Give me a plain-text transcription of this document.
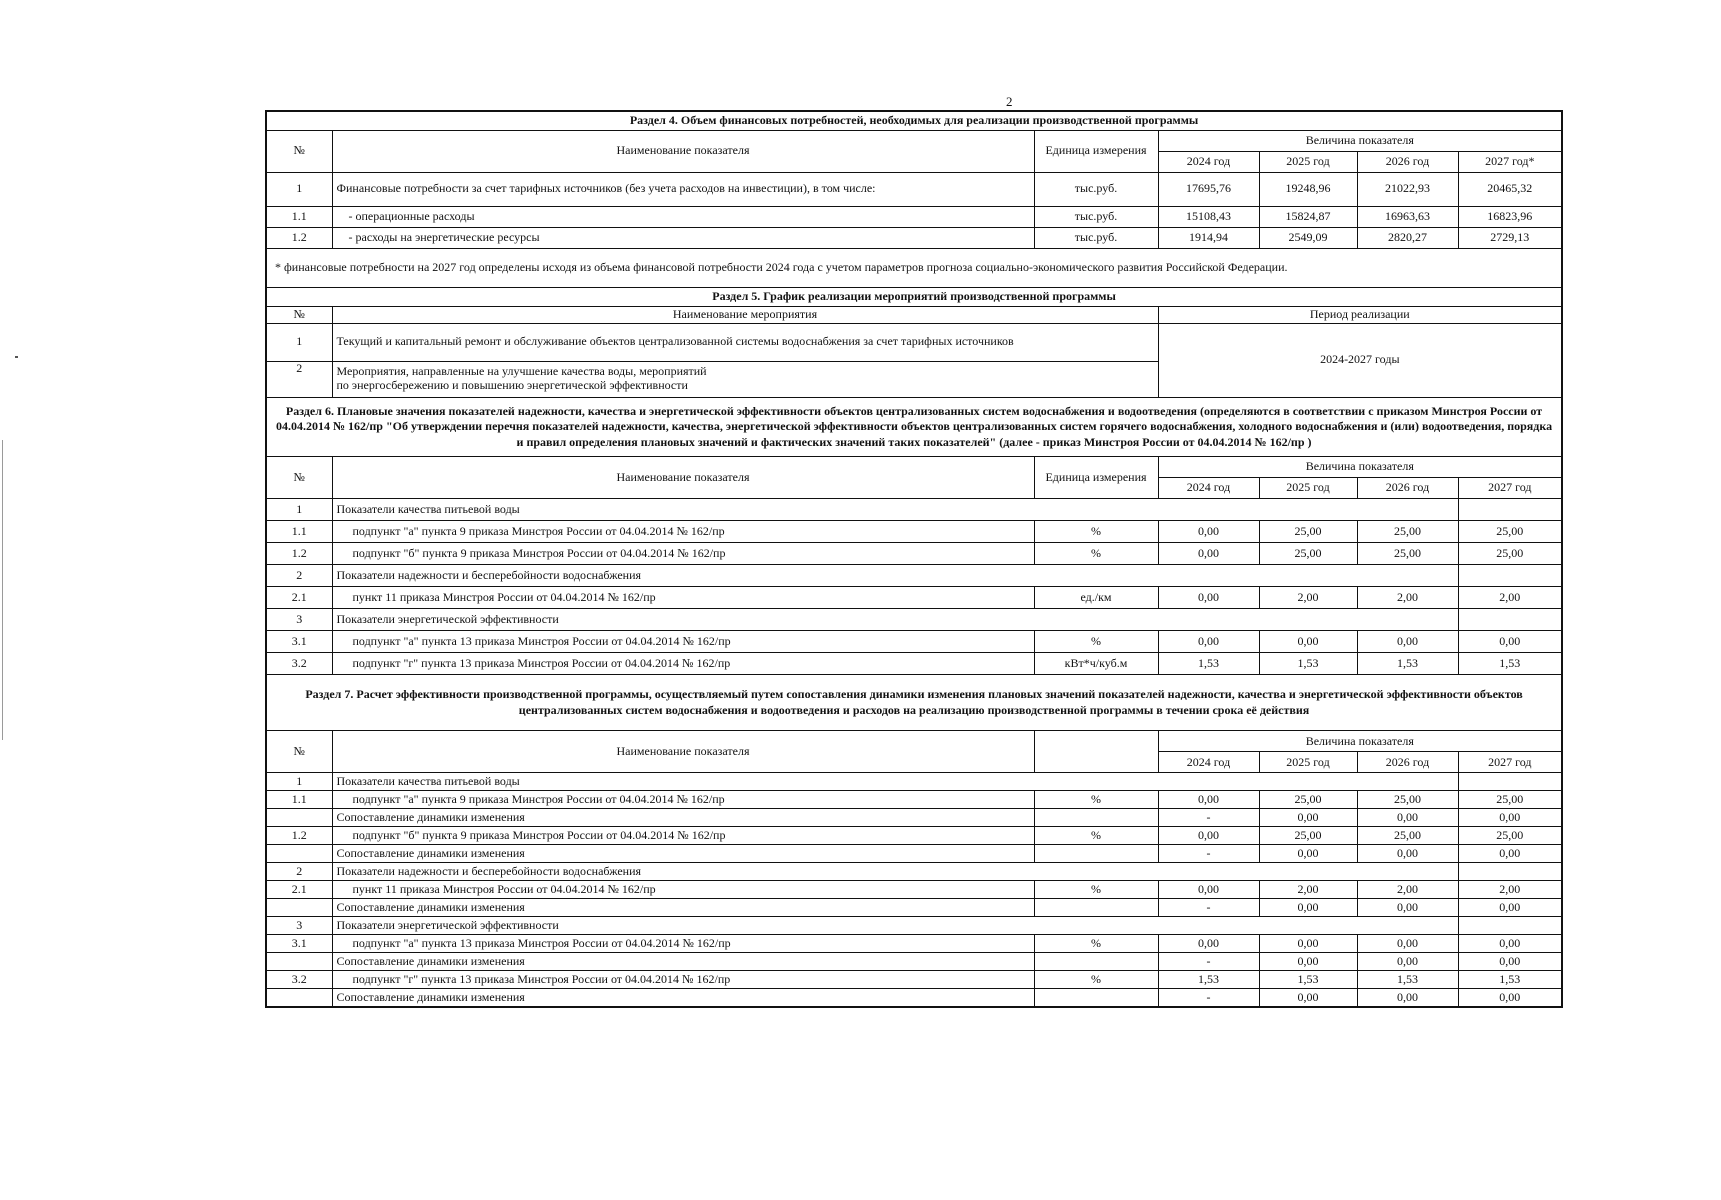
2
Раздел 4. Объем финансовых потребностей, необходимых для реализации производственной программы						
№	Наименование показателя	Единица измерения	Величина показателя			
			2024 год	2025 год	2026 год	2027 год*
1	Финансовые потребности за счет тарифных источников (без учета расходов на инвестиции), в том числе:	тыс.руб.	17695,76	19248,96	21022,93	20465,32
1.1	- операционные расходы	тыс.руб.	15108,43	15824,87	16963,63	16823,96
1.2	- расходы на энергетические ресурсы	тыс.руб.	1914,94	2549,09	2820,27	2729,13
* финансовые потребности на 2027 год определены исходя из объема финансовой потребности 2024 года с учетом параметров прогноза социально-экономического развития Российской Федерации.						
Раздел 5. График реализации мероприятий производственной программы						
№	Наименование мероприятия		Период реализации			
1	Текущий и капитальный ремонт и обслуживание объектов централизованной системы водоснабжения за счет тарифных источников		2024-2027 годы			
2	Мероприятия, направленные на улучшение качества воды, мероприятий
по энергосбережению и повышению энергетической эффективности					

Раздел 6. Плановые значения показателей надежности, качества и энергетической эффективности объектов централизованных систем водоснабжения и водоотведения (определяются в соответствии с приказом Минстроя России от 04.04.2014 № 162/пр "Об утверждении перечня показателей надежности, качества, энергетической эффективности объектов централизованных систем горячего водоснабжения, холодного водоснабжения и (или) водоотведения, порядка и правил определения плановых значений и фактических значений таких показателей" (далее - приказ Минстроя России от 04.04.2014 № 162/пр )						
№	Наименование показателя	Единица измерения	Величина показателя			
			2024 год	2025 год	2026 год	2027 год
1	Показатели качества питьевой воды					
1.1	подпункт "а" пункта 9 приказа Минстроя России от 04.04.2014 № 162/пр	%	0,00	25,00	25,00	25,00
1.2	подпункт "б" пункта 9 приказа Минстроя России от 04.04.2014 № 162/пр	%	0,00	25,00	25,00	25,00
2	Показатели надежности и бесперебойности водоснабжения					
2.1	пункт 11 приказа Минстроя России от 04.04.2014 № 162/пр	ед./км	0,00	2,00	2,00	2,00
3	Показатели энергетической эффективности					
3.1	подпункт "а" пункта 13 приказа Минстроя России от 04.04.2014 № 162/пр	%	0,00	0,00	0,00	0,00
3.2	подпункт "г" пункта 13 приказа Минстроя России от 04.04.2014 № 162/пр	кВт*ч/куб.м	1,53	1,53	1,53	1,53
Раздел 7. Расчет эффективности производственной программы, осуществляемый путем сопоставления динамики изменения плановых значений показателей надежности, качества и энергетической эффективности объектов централизованных систем водоснабжения и водоотведения и расходов на реализацию производственной программы в течении срока её действия						
№	Наименование показателя		Величина показателя			
			2024 год	2025 год	2026 год	2027 год
1	Показатели качества питьевой воды					
1.1	подпункт "а" пункта 9 приказа Минстроя России от 04.04.2014 № 162/пр	%	0,00	25,00	25,00	25,00
	Сопоставление динамики изменения		-	0,00	0,00	0,00
1.2	подпункт "б" пункта 9 приказа Минстроя России от 04.04.2014 № 162/пр	%	0,00	25,00	25,00	25,00
	Сопоставление динамики изменения		-	0,00	0,00	0,00
2	Показатели надежности и бесперебойности водоснабжения					
2.1	пункт 11 приказа Минстроя России от 04.04.2014 № 162/пр	%	0,00	2,00	2,00	2,00
	Сопоставление динамики изменения		-	0,00	0,00	0,00
3	Показатели энергетической эффективности					
3.1	подпункт "а" пункта 13 приказа Минстроя России от 04.04.2014 № 162/пр	%	0,00	0,00	0,00	0,00
	Сопоставление динамики изменения		-	0,00	0,00	0,00
3.2	подпункт "г" пункта 13 приказа Минстроя России от 04.04.2014 № 162/пр	%	1,53	1,53	1,53	1,53
	Сопоставление динамики изменения		-	0,00	0,00	0,00
